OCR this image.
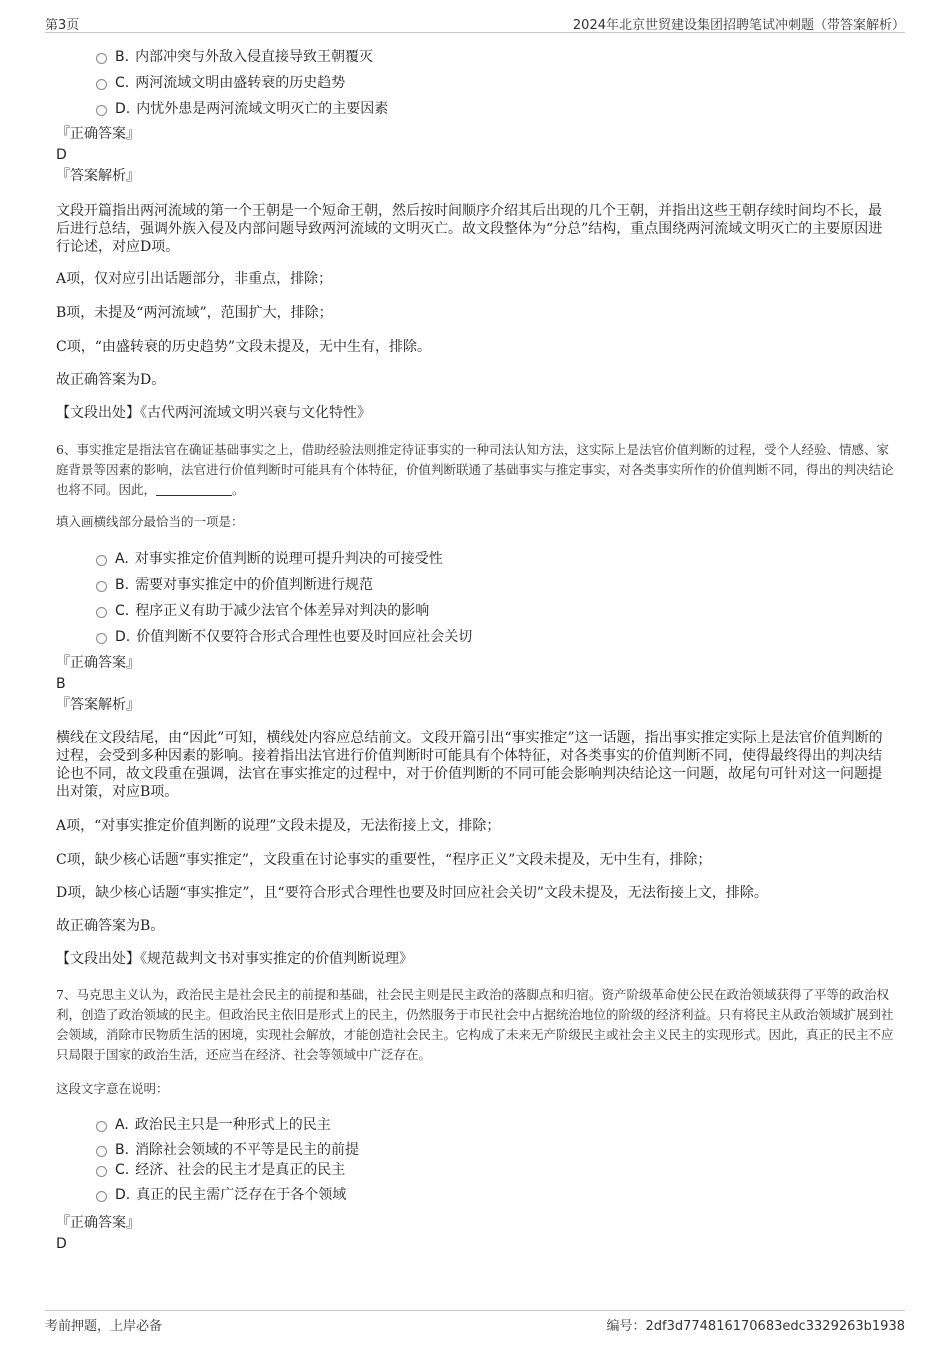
第3页	2024年北京世贸建设集团招聘笔试冲刺题（带答案解析）
B. 内部冲突与外敌入侵直接导致王朝覆灭
C. 两河流域文明由盛转衰的历史趋势
D. 内忧外患是两河流域文明灭亡的主要因素
『正确答案』
D
『答案解析』
文段开篇指出两河流域的第一个王朝是一个短命王朝，然后按时间顺序介绍其后出现的几个王朝，并指出这些王朝存续时间均不长，最后进行总结，强调外族入侵及内部问题导致两河流域的文明灭亡。故文段整体为“分总”结构，重点围绕两河流域文明灭亡的主要原因进行论述，对应D项。
A项，仅对应引出话题部分，非重点，排除；
B项，未提及“两河流域”，范围扩大，排除；
C项，“由盛转衰的历史趋势”文段未提及，无中生有，排除。
故正确答案为D。
【文段出处】《古代两河流域文明兴衰与文化特性》
6、事实推定是指法官在确证基础事实之上，借助经验法则推定待证事实的一种司法认知方法，这实际上是法官价值判断的过程，受个人经验、情感、家庭背景等因素的影响，法官进行价值判断时可能具有个体特征，价值判断联通了基础事实与推定事实，对各类事实所作的价值判断不同，得出的判决结论也将不同。因此，	。
填入画横线部分最恰当的一项是：
A. 对事实推定价值判断的说理可提升判决的可接受性
B. 需要对事实推定中的价值判断进行规范
C. 程序正义有助于减少法官个体差异对判决的影响
D. 价值判断不仅要符合形式合理性也要及时回应社会关切
『正确答案』
B
『答案解析』
横线在文段结尾，由“因此”可知，横线处内容应总结前文。文段开篇引出“事实推定”这一话题，指出事实推定实际上是法官价值判断的过程，会受到多种因素的影响。接着指出法官进行价值判断时可能具有个体特征，对各类事实的价值判断不同，使得最终得出的判决结论也不同，故文段重在强调，法官在事实推定的过程中，对于价值判断的不同可能会影响判决结论这一问题，故尾句可针对这一问题提出对策，对应B项。
A项，“对事实推定价值判断的说理”文段未提及，无法衔接上文，排除；
C项，缺少核心话题“事实推定”，文段重在讨论事实的重要性，“程序正义”文段未提及，无中生有，排除；
D项，缺少核心话题“事实推定”，且“要符合形式合理性也要及时回应社会关切”文段未提及，无法衔接上文，排除。
故正确答案为B。
【文段出处】《规范裁判文书对事实推定的价值判断说理》
7、马克思主义认为，政治民主是社会民主的前提和基础，社会民主则是民主政治的落脚点和归宿。资产阶级革命使公民在政治领域获得了平等的政治权利，创造了政治领域的民主。但政治民主依旧是形式上的民主，仍然服务于市民社会中占据统治地位的阶级的经济利益。只有将民主从政治领域扩展到社会领域，消除市民物质生活的困境，实现社会解放，才能创造社会民主。它构成了未来无产阶级民主或社会主义民主的实现形式。因此，真正的民主不应只局限于国家的政治生活，还应当在经济、社会等领域中广泛存在。
这段文字意在说明：
A. 政治民主只是一种形式上的民主
B. 消除社会领域的不平等是民主的前提
C. 经济、社会的民主才是真正的民主
D. 真正的民主需广泛存在于各个领域
『正确答案』
D
考前押题，上岸必备	编号：2df3d774816170683edc3329263b1938
